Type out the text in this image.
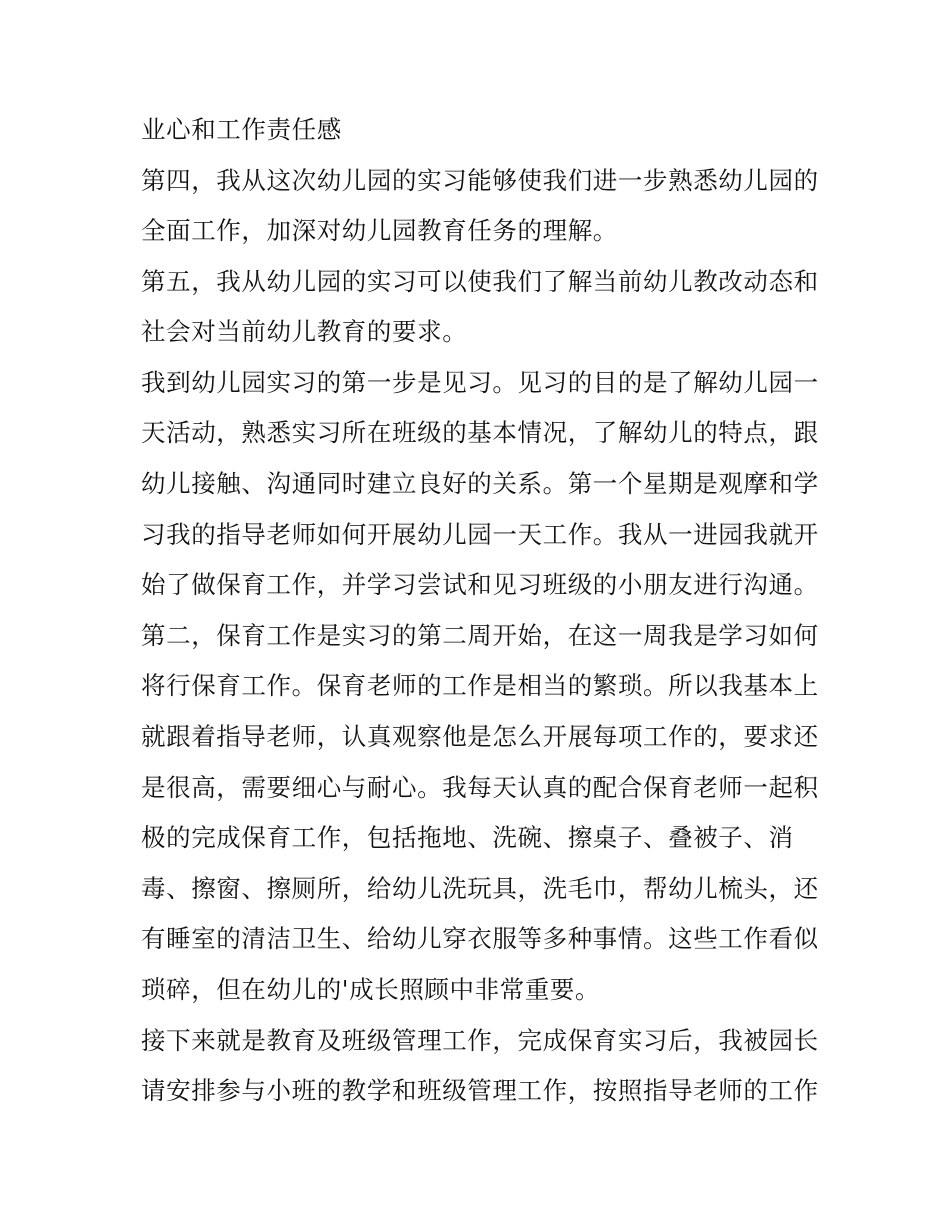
业心和工作责任感

第四，我从这次幼儿园的实习能够使我们进一步熟悉幼儿园的

全面工作，加深对幼儿园教育任务的理解。

第五，我从幼儿园的实习可以使我们了解当前幼儿教改动态和

社会对当前幼儿教育的要求。

我到幼儿园实习的第一步是见习。见习的目的是了解幼儿园一

天活动，熟悉实习所在班级的基本情况，了解幼儿的特点，跟

幼儿接触、沟通同时建立良好的关系。第一个星期是观摩和学

习我的指导老师如何开展幼儿园一天工作。我从一进园我就开

始了做保育工作，并学习尝试和见习班级的小朋友进行沟通。

第二，保育工作是实习的第二周开始，在这一周我是学习如何

将行保育工作。保育老师的工作是相当的繁琐。所以我基本上

就跟着指导老师，认真观察他是怎么开展每项工作的，要求还

是很高，需要细心与耐心。我每天认真的配合保育老师一起积

极的完成保育工作，包括拖地、洗碗、擦桌子、叠被子、消

毒、擦窗、擦厕所，给幼儿洗玩具，洗毛巾，帮幼儿梳头，还

有睡室的清洁卫生、给幼儿穿衣服等多种事情。这些工作看似

琐碎，但在幼儿的'成长照顾中非常重要。

接下来就是教育及班级管理工作，完成保育实习后，我被园长

请安排参与小班的教学和班级管理工作，按照指导老师的工作
